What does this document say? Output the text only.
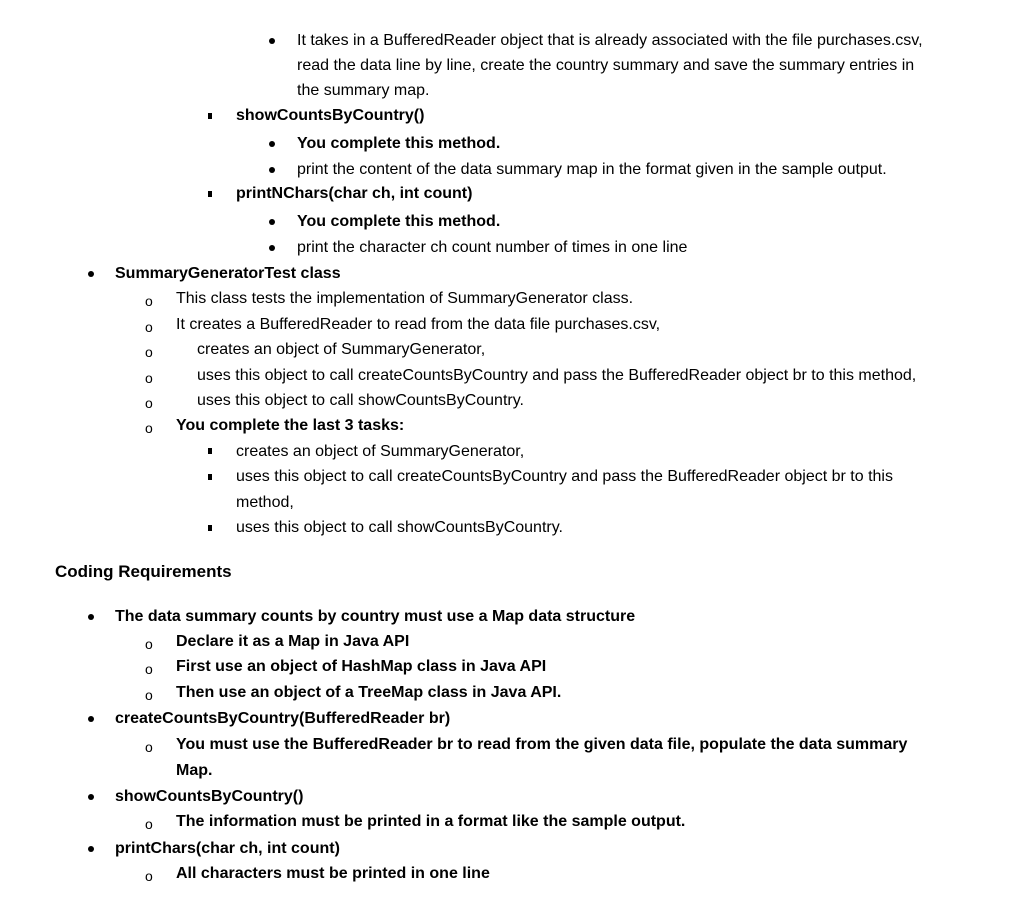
It takes in a BufferedReader object that is already associated with the file purchases.csv,
read the data line by line, create the country summary and save the summary entries in
the summary map.
showCountsByCountry()
You complete this method.
print the content of the data summary map in the format given in the sample output.
printNChars(char ch, int count)
You complete this method.
print the character ch count number of times in one line
SummaryGeneratorTest class
o This class tests the implementation of SummaryGenerator class.
o It creates a BufferedReader to read from the data file purchases.csv,
o	creates an object of SummaryGenerator,
o	uses this object to call createCountsByCountry and pass the BufferedReader object br to this method,
o	uses this object to call showCountsByCountry.
o You complete the last 3 tasks:
creates an object of SummaryGenerator,
uses this object to call createCountsByCountry and pass the BufferedReader object br to this
method,
uses this object to call showCountsByCountry.
Coding Requirements
The data summary counts by country must use a Map data structure
o Declare it as a Map in Java API
o First use an object of HashMap class in Java API
o Then use an object of a TreeMap class in Java API.
createCountsByCountry(BufferedReader br)
o You must use the BufferedReader br to read from the given data file, populate the data summary
Map.
showCountsByCountry()
o The information must be printed in a format like the sample output.
printChars(char ch, int count)
o All characters must be printed in one line
